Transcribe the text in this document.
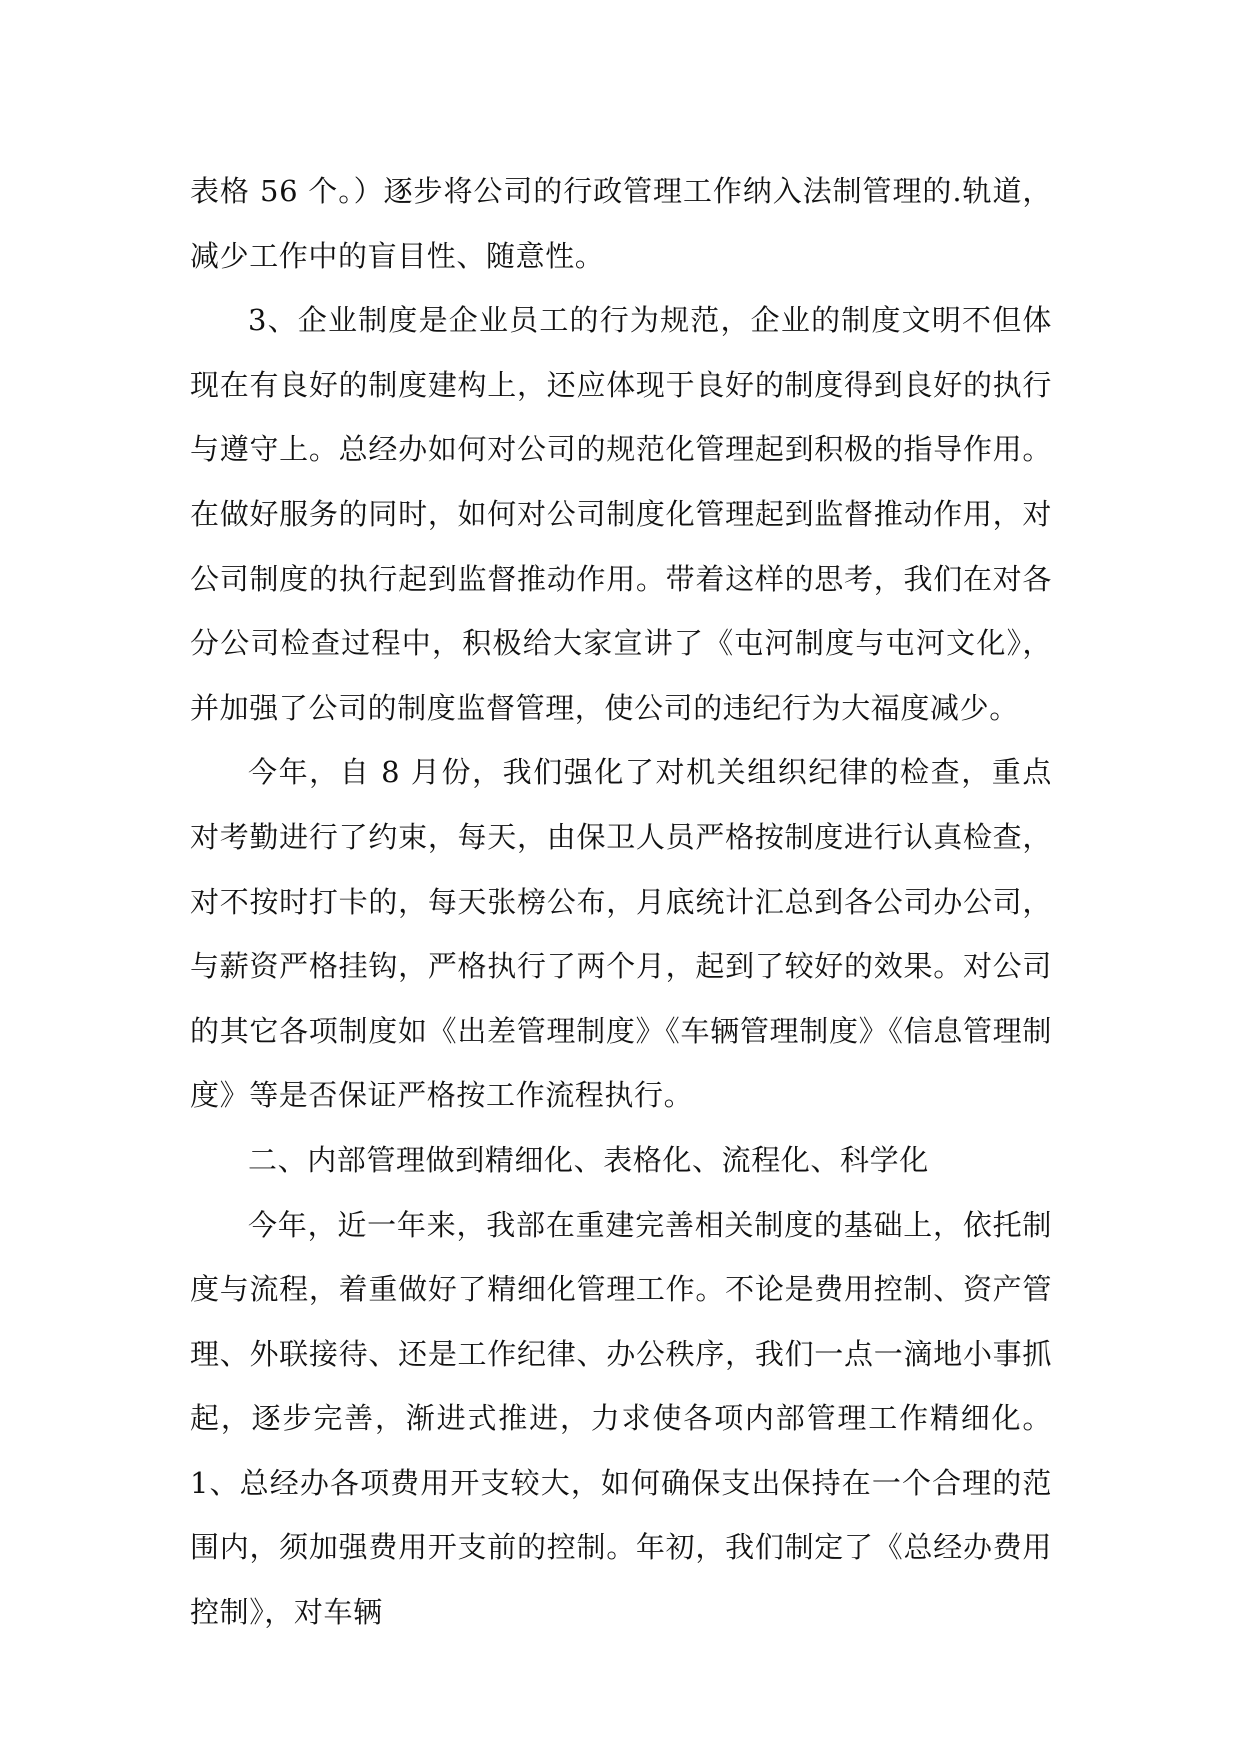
表格 56 个。）逐步将公司的行政管理工作纳入法制管理的.轨道，减少工作中的盲目性、随意性。

3、企业制度是企业员工的行为规范，企业的制度文明不但体现在有良好的制度建构上，还应体现于良好的制度得到良好的执行与遵守上。总经办如何对公司的规范化管理起到积极的指导作用。在做好服务的同时，如何对公司制度化管理起到监督推动作用，对公司制度的执行起到监督推动作用。带着这样的思考，我们在对各分公司检查过程中，积极给大家宣讲了《屯河制度与屯河文化》，并加强了公司的制度监督管理，使公司的违纪行为大福度减少。

今年，自 8 月份，我们强化了对机关组织纪律的检查，重点对考勤进行了约束，每天，由保卫人员严格按制度进行认真检查，对不按时打卡的，每天张榜公布，月底统计汇总到各公司办公司，与薪资严格挂钩，严格执行了两个月，起到了较好的效果。对公司的其它各项制度如《出差管理制度》《车辆管理制度》《信息管理制度》等是否保证严格按工作流程执行。

二、内部管理做到精细化、表格化、流程化、科学化

今年，近一年来，我部在重建完善相关制度的基础上，依托制度与流程，着重做好了精细化管理工作。不论是费用控制、资产管理、外联接待、还是工作纪律、办公秩序，我们一点一滴地小事抓起，逐步完善，渐进式推进，力求使各项内部管理工作精细化。1、总经办各项费用开支较大，如何确保支出保持在一个合理的范围内，须加强费用开支前的控制。年初，我们制定了《总经办费用控制》，对车辆
